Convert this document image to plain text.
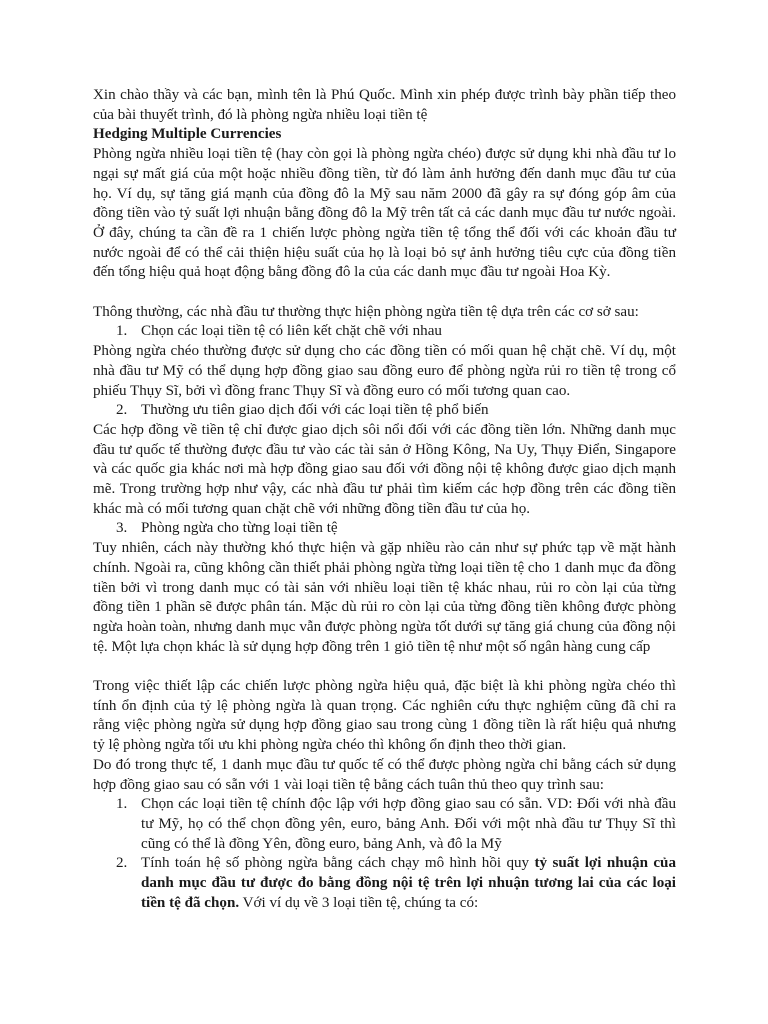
Xin chào thầy và các bạn, mình tên là Phú Quốc. Mình xin phép được trình bày phần tiếp theo của bài thuyết trình, đó là phòng ngừa nhiều loại tiền tệ

Hedging Multiple Currencies

Phòng ngừa nhiều loại tiền tệ (hay còn gọi là phòng ngừa chéo) được sử dụng khi nhà đầu tư lo ngại sự mất giá của một hoặc nhiều đồng tiền, từ đó làm ảnh hưởng đến danh mục đầu tư của họ. Ví dụ, sự tăng giá mạnh của đồng đô la Mỹ sau năm 2000 đã gây ra sự đóng góp âm của đồng tiền vào tỷ suất lợi nhuận bằng đồng đô la Mỹ trên tất cả các danh mục đầu tư nước ngoài. Ở đây, chúng ta cần đề ra 1 chiến lược phòng ngừa tiền tệ tổng thể đối với các khoản đầu tư nước ngoài để có thể cải thiện hiệu suất của họ là loại bỏ sự ảnh hưởng tiêu cực của đồng tiền đến tổng hiệu quả hoạt động bằng đồng đô la của các danh mục đầu tư ngoài Hoa Kỳ.

Thông thường, các nhà đầu tư thường thực hiện phòng ngừa tiền tệ dựa trên các cơ sở sau:

1. Chọn các loại tiền tệ có liên kết chặt chẽ với nhau

Phòng ngừa chéo thường được sử dụng cho các đồng tiền có mối quan hệ chặt chẽ. Ví dụ, một nhà đầu tư Mỹ có thể dụng hợp đồng giao sau đồng euro để phòng ngừa rủi ro tiền tệ trong cổ phiếu Thụy Sĩ, bởi vì đồng franc Thụy Sĩ và đồng euro có mối tương quan cao.

2. Thường ưu tiên giao dịch đối với các loại tiền tệ phổ biến

Các hợp đồng về tiền tệ chỉ được giao dịch sôi nổi đối với các đồng tiền lớn. Những danh mục đầu tư quốc tế thường được đầu tư vào các tài sản ở Hồng Kông, Na Uy, Thụy Điển, Singapore và các quốc gia khác nơi mà hợp đồng giao sau đối với đồng nội tệ không được giao dịch mạnh mẽ. Trong trường hợp như vậy, các nhà đầu tư phải tìm kiếm các hợp đồng trên các đồng tiền khác mà có mối tương quan chặt chẽ với những đồng tiền đầu tư của họ.

3. Phòng ngừa cho từng loại tiền tệ

Tuy nhiên, cách này thường khó thực hiện và gặp nhiều rào cản như sự phức tạp về mặt hành chính. Ngoài ra, cũng không cần thiết phải phòng ngừa từng loại tiền tệ cho 1 danh mục đa đồng tiền bởi vì trong danh mục có tài sản với nhiều loại tiền tệ khác nhau, rủi ro còn lại của từng đồng tiền 1 phần sẽ được phân tán. Mặc dù rủi ro còn lại của từng đồng tiền không được phòng ngừa hoàn toàn, nhưng danh mục vẫn được phòng ngừa tốt dưới sự tăng giá chung của đồng nội tệ. Một lựa chọn khác là sử dụng hợp đồng trên 1 giỏ tiền tệ như một số ngân hàng cung cấp

Trong việc thiết lập các chiến lược phòng ngừa hiệu quả, đặc biệt là khi phòng ngừa chéo thì tính ổn định của tỷ lệ phòng ngừa là quan trọng. Các nghiên cứu thực nghiệm cũng đã chỉ ra rằng việc phòng ngừa sử dụng hợp đồng giao sau trong cùng 1 đồng tiền là rất hiệu quả nhưng tỷ lệ phòng ngừa tối ưu khi phòng ngừa chéo thì không ổn định theo thời gian.

Do đó trong thực tế, 1 danh mục đầu tư quốc tế có thể được phòng ngừa chỉ bằng cách sử dụng hợp đồng giao sau có sẵn với 1 vài loại tiền tệ bằng cách tuân thủ theo quy trình sau:

1. Chọn các loại tiền tệ chính độc lập với hợp đồng giao sau có sẵn. VD: Đối với nhà đầu tư Mỹ, họ có thể chọn đồng yên, euro, bảng Anh. Đối với một nhà đầu tư Thụy Sĩ thì cũng có thể là đồng Yên, đồng euro, bảng Anh, và đô la Mỹ
2. Tính toán hệ số phòng ngừa bằng cách chạy mô hình hồi quy tỷ suất lợi nhuận của danh mục đầu tư được đo bằng đồng nội tệ trên lợi nhuận tương lai của các loại tiền tệ đã chọn. Với ví dụ về 3 loại tiền tệ, chúng ta có:
